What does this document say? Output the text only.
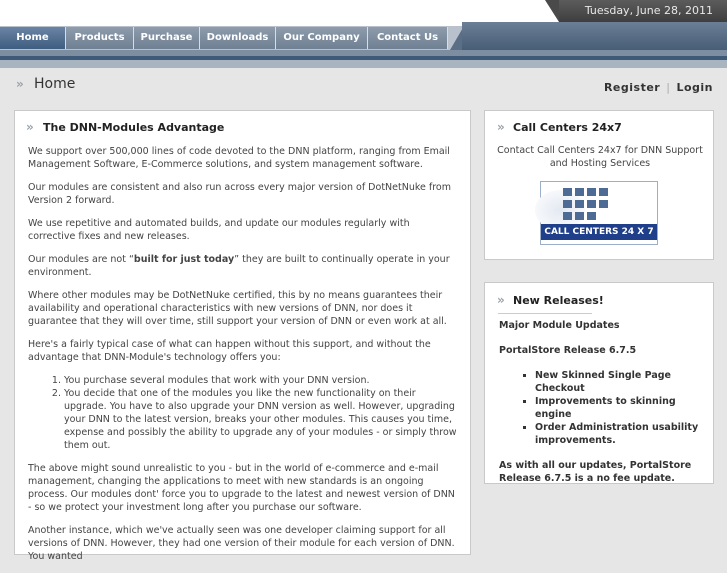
Tuesday, June 28, 2011
Home	Products	Purchase	Downloads	Our Company	Contact Us
» Home	Register | Login
» The DNN-Modules Advantage

We support over 500,000 lines of code devoted to the DNN platform, ranging from Email Management Software, E-Commerce solutions, and system management software.

Our modules are consistent and also run across every major version of DotNetNuke from Version 2 forward.

We use repetitive and automated builds, and update our modules regularly with corrective fixes and new releases.

Our modules are not “built for just today” they are built to continually operate in your environment.

Where other modules may be DotNetNuke certified, this by no means guarantees their availability and operational characteristics with new versions of DNN, nor does it guarantee that they will over time, still support your version of DNN or even work at all.

Here's a fairly typical case of what can happen without this support, and without the advantage that DNN-Module's technology offers you:

1. You purchase several modules that work with your DNN version.
2. You decide that one of the modules you like the new functionality on their upgrade. You have to also upgrade your DNN version as well. However, upgrading your DNN to the latest version, breaks your other modules. This causes you time, expense and possibly the ability to upgrade any of your modules - or simply throw them out.

The above might sound unrealistic to you - but in the world of e-commerce and e-mail management, changing the applications to meet with new standards is an ongoing process. Our modules dont' force you to upgrade to the latest and newest version of DNN - so we protect your investment long after you purchase our software.

Another instance, which we've actually seen was one developer claiming support for all versions of DNN. However, they had one version of their module for each version of DNN. You wanted

» Call Centers 24x7
Contact Call Centers 24x7 for DNN Support and Hosting Services
CALL CENTERS 24 X 7
» New Releases!

Major Module Updates

PortalStore Release 6.7.5

▪ New Skinned Single Page Checkout
▪ Improvements to skinning engine
▪ Order Administration usability improvements.

As with all our updates, PortalStore Release 6.7.5 is a no fee update.
